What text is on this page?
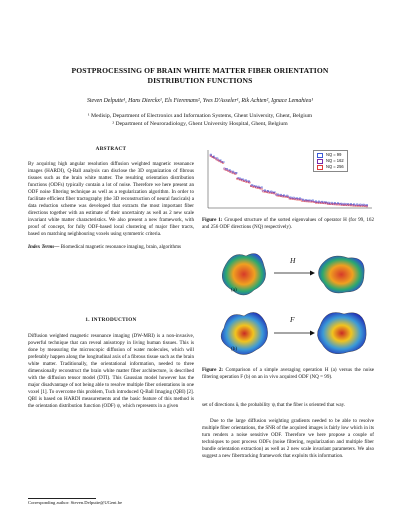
POSTPROCESSING OF BRAIN WHITE MATTER FIBER ORIENTATION
DISTRIBUTION FUNCTIONS
Steven Delputte¹, Hans Dierckx¹, Els Fieremans², Yves D'Asseler¹, Rik Achten², Ignace Lemahieu¹
¹ Medisip, Department of Electronics and Information Systems, Ghent University, Ghent, Belgium
² Department of Neuroradiology, Ghent University Hospital, Ghent, Belgium
ABSTRACT
By acquiring high angular resolution diffusion weighted magnetic resonance images (HARDI), Q-Ball analysis can disclose the 3D organization of fibrous tissues such as the brain white matter. The resulting orientation distribution functions (ODFs) typically contain a lot of noise. Therefore we here present an ODF noise filtering technique as well as a regularization algorithm. In order to facilitate efficient fiber tractography (the 3D reconstruction of neural fascicals) a data reduction scheme was developed that extracts the most important fiber directions together with an estimate of their uncertainty as well as 2 new scale invariant white matter characteristics. We also present a new framework, with proof of concept, for fully ODF-based local clustering of major fiber tracts, based on matching neighbouring voxels using symmetric criteria.
Index Terms— Biomedical magnetic resonance imaging, brain, algorithms
1. INTRODUCTION
Diffusion weighted magnetic resonance imaging (DW-MRI) is a non-invasive, powerful technique that can reveal anisotropy in living human tissues. This is done by measuring the microscopic diffusion of water molecules, which will preferably happen along the longitudinal axis of a fibrous tissue such as the brain white matter. Traditionally, the orientational information, needed to three dimensionally reconstruct the brain white matter fiber architecture, is described with the diffusion tensor model (DTI). This Gaussian model however has the major disadvantage of not being able to resolve multiple fiber orientations in one voxel [1]. To overcome this problem, Tuch introduced Q-Ball Imaging (QBI) [2]. QBI is based on HARDI measurements and the basic feature of this method is the orientation distribution function (ODF) ψ, which represents in a given
Corresponding author: Steven.Delputte@UGent.be
NQ = 99
NQ = 162
NQ = 256
Figure 1: Grouped structure of the sorted eigenvalues of operator H (for 99, 162 and 256 ODF directions (NQ) respectively).
(a)
(b)
H
F
Figure 2: Comparison of a simple averaging operation H (a) versus the noise filtering operation F (b) on an in vivo acquired ODF (NQ = 99).
set of directions ûᵢ the probability ψᵢ that the fiber is oriented that way.
Due to the large diffusion weighting gradients needed to be able to resolve multiple fiber orientations, the SNR of the acquired images is fairly low which in its turn renders a noise sensitive ODF. Therefore we here propose a couple of techniques to post process ODFs (noise filtering, regularization and multiple fiber bundle orientation extraction) as well as 2 new scale invariant parameters. We also suggest a new fibertracking framework that exploits this information.
